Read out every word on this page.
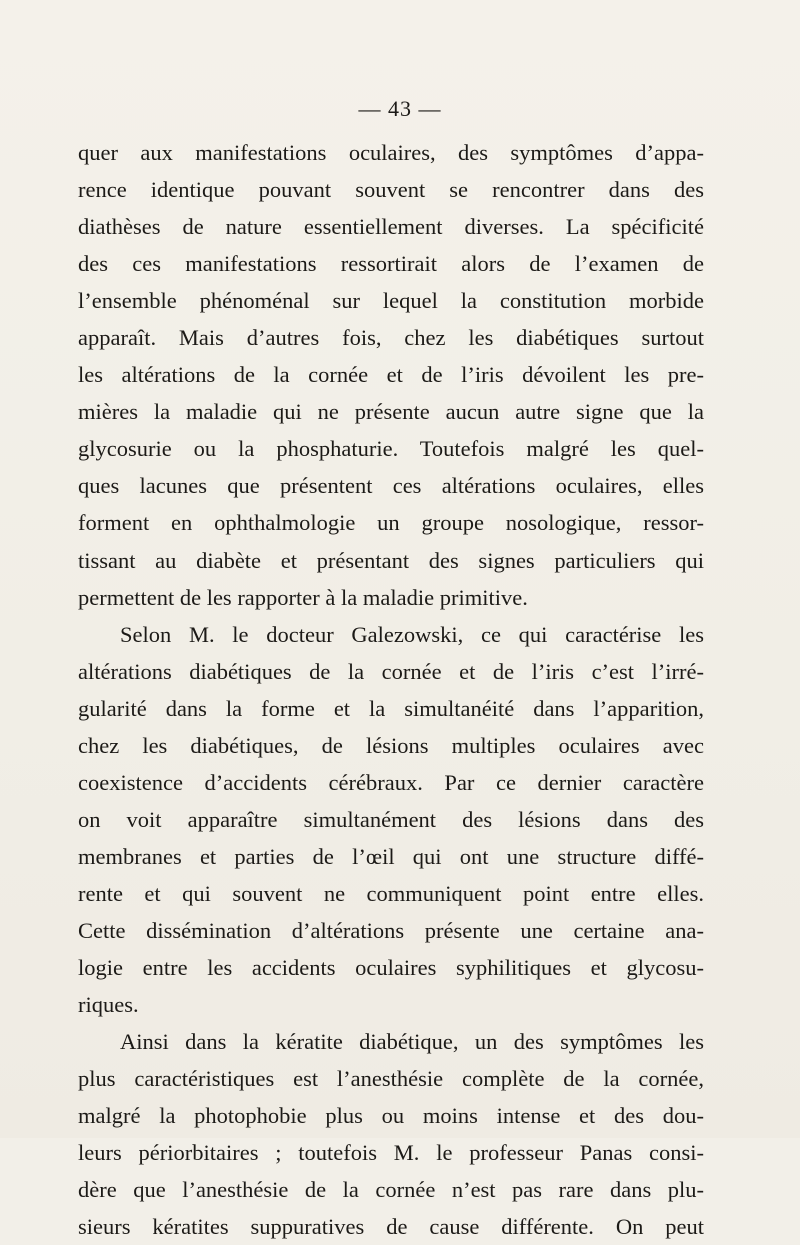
— 43 —
quer aux manifestations oculaires, des symptômes d’appa-
rence identique pouvant souvent se rencontrer dans des
diathèses de nature essentiellement diverses. La spécificité
des ces manifestations ressortirait alors de l’examen de
l’ensemble phénoménal sur lequel la constitution morbide
apparaît. Mais d’autres fois, chez les diabétiques surtout
les altérations de la cornée et de l’iris dévoilent les pre-
mières la maladie qui ne présente aucun autre signe que la
glycosurie ou la phosphaturie. Toutefois malgré les quel-
ques lacunes que présentent ces altérations oculaires, elles
forment en ophthalmologie un groupe nosologique, ressor-
tissant au diabète et présentant des signes particuliers qui
permettent de les rapporter à la maladie primitive.
Selon M. le docteur Galezowski, ce qui caractérise les
altérations diabétiques de la cornée et de l’iris c’est l’irré-
gularité dans la forme et la simultanéité dans l’apparition,
chez les diabétiques, de lésions multiples oculaires avec
coexistence d’accidents cérébraux. Par ce dernier caractère
on voit apparaître simultanément des lésions dans des
membranes et parties de l’œil qui ont une structure diffé-
rente et qui souvent ne communiquent point entre elles.
Cette dissémination d’altérations présente une certaine ana-
logie entre les accidents oculaires syphilitiques et glycosu-
riques.
Ainsi dans la kératite diabétique, un des symptômes les
plus caractéristiques est l’anesthésie complète de la cornée,
malgré la photophobie plus ou moins intense et des dou-
leurs périorbitaires ; toutefois M. le professeur Panas consi-
dère que l’anesthésie de la cornée n’est pas rare dans plu-
sieurs kératites suppuratives de cause différente. On peut
